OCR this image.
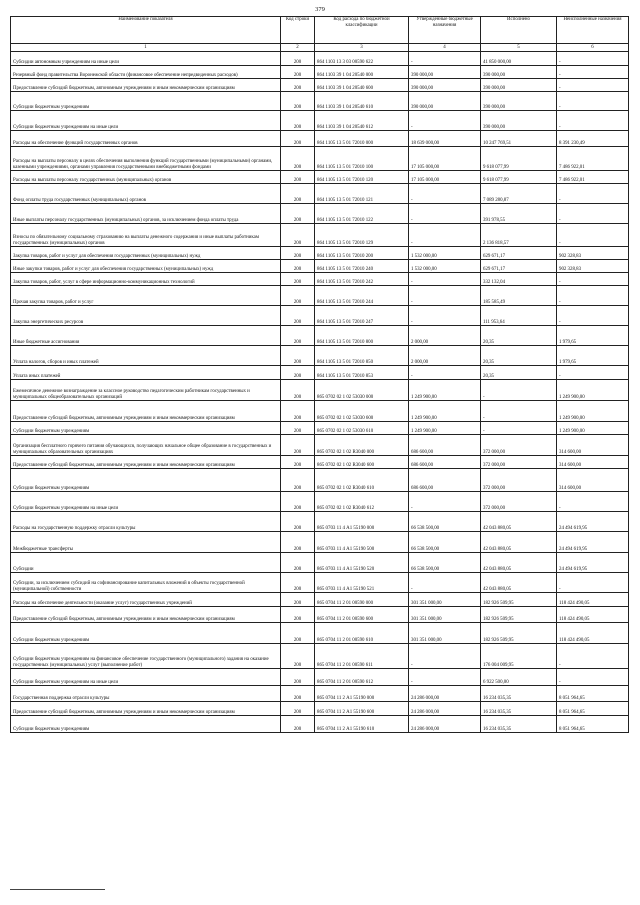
379
Наименование показателя	Код строки	Код расхода по бюджетной классификации	Утвержденные бюджетные назначения	Исполнено	Неисполненные назначения
1	2	3	4	5	6
Субсидии автономным учреждениям на иные цели	200	864 1103 13 3 03 00590 622	-	41 850 000,00	-
Резервный фонд правительства Воронежской области (финансовое обеспечение непредвиденных расходов)	200	864 1103 39 1 04 20540 000	390 000,00	390 000,00	-
Предоставление субсидий бюджетным, автономным учреждениям и иным некоммерческим организациям	200	864 1103 39 1 04 20540 600	390 000,00	390 000,00	-
Субсидии бюджетным учреждениям	200	864 1103 39 1 04 20540 610	390 000,00	390 000,00	-
Субсидии бюджетным учреждениям на иные цели	200	864 1103 39 1 04 20540 612	-	390 000,00	-
Расходы на обеспечение функций государственных органов	200	864 1105 13 5 01 72010 000	18 639 000,00	10 247 769,51	8 391 230,49
Расходы на выплаты персоналу в целях обеспечения выполнения функций государственными (муниципальными) органами, казенными учреждениями, органами управления государственными внебюджетными фондами	200	864 1105 13 5 01 72010 100	17 105 000,00	9 618 077,99	7 486 922,01
Расходы на выплаты персоналу государственных (муниципальных) органов	200	864 1105 13 5 01 72010 120	17 105 000,00	9 618 077,99	7 486 922,01
Фонд оплаты труда государственных (муниципальных) органов	200	864 1105 13 5 01 72010 121	-	7 089 280,87	-
Иные выплаты персоналу государственных (муниципальных) органов, за исключением фонда оплаты труда	200	864 1105 13 5 01 72010 122	-	391 978,55	-
Взносы по обязательному социальному страхованию на выплаты денежного содержания и иные выплаты работникам государственных (муниципальных) органов	200	864 1105 13 5 01 72010 129	-	2 136 818,57	-
Закупка товаров, работ и услуг для обеспечения государственных (муниципальных) нужд	200	864 1105 13 5 01 72010 200	1 532 000,00	629 671,17	902 328,83
Иные закупки товаров, работ и услуг для обеспечения государственных (муниципальных) нужд	200	864 1105 13 5 01 72010 240	1 532 000,00	629 671,17	902 328,83
Закупка товаров, работ, услуг в сфере информационно-коммуникационных технологий	200	864 1105 13 5 01 72010 242	-	332 132,04	-
Прочая закупка товаров, работ и услуг	200	864 1105 13 5 01 72010 244	-	185 585,49	-
Закупка энергетических ресурсов	200	864 1105 13 5 01 72010 247	-	111 953,64	-
Иные бюджетные ассигнования	200	864 1105 13 5 01 72010 800	2 000,00	20,35	1 979,65
Уплата налогов, сборов и иных платежей	200	864 1105 13 5 01 72010 850	2 000,00	20,35	1 979,65
Уплата иных платежей	200	864 1105 13 5 01 72010 853	-	20,35	-
Ежемесячное денежное вознаграждение за классное руководство педагогическим работникам государственных и муниципальных общеобразовательных организаций	200	865 0702 02 1 02 53030 000	1 249 900,00	-	1 249 900,00
Предоставление субсидий бюджетным, автономным учреждениям и иным некоммерческим организациям	200	865 0702 02 1 02 53030 600	1 249 900,00	-	1 249 900,00
Субсидии бюджетным учреждениям	200	865 0702 02 1 02 53030 610	1 249 900,00	-	1 249 900,00
Организация бесплатного горячего питания обучающихся, получающих начальное общее образование в государственных и муниципальных образовательных организациях	200	865 0702 02 1 02 R3040 000	686 600,00	372 000,00	314 600,00
Предоставление субсидий бюджетным, автономным учреждениям и иным некоммерческим организациям	200	865 0702 02 1 02 R3040 600	686 600,00	372 000,00	314 600,00
Субсидии бюджетным учреждениям	200	865 0702 02 1 02 R3040 610	686 600,00	372 000,00	314 600,00
Субсидии бюджетным учреждениям на иные цели	200	865 0702 02 1 02 R3040 612	-	372 000,00	-
Расходы на государственную поддержку отрасли культуры	200	865 0703 11 4 А1 55190 000	66 538 500,00	42 043 880,05	24 494 619,95
Межбюджетные трансферты	200	865 0703 11 4 А1 55190 500	66 538 500,00	42 043 880,05	24 494 619,95
Субсидии	200	865 0703 11 4 А1 55190 520	66 538 500,00	42 043 880,05	24 494 619,95
Субсидии, за исключением субсидий на софинансирование капитальных вложений в объекты государственной (муниципальной) собственности	200	865 0703 11 4 А1 55190 521	-	42 043 880,05	-
Расходы на обеспечение деятельности (оказание услуг) государственных учреждений	200	865 0704 11 2 01 00590 000	301 351 000,00	182 926 509,95	118 424 490,05
Предоставление субсидий бюджетным, автономным учреждениям и иным некоммерческим организациям	200	865 0704 11 2 01 00590 600	301 351 000,00	182 926 509,95	118 424 490,05
Субсидии бюджетным учреждениям	200	865 0704 11 2 01 00590 610	301 351 000,00	182 926 509,95	118 424 490,05
Субсидии бюджетным учреждениям на финансовое обеспечение государственного (муниципального) задания на оказание государственных (муниципальных) услуг (выполнение работ)	200	865 0704 11 2 01 00590 611	-	176 004 009,95	-
Субсидии бюджетным учреждениям на иные цели	200	865 0704 11 2 01 00590 612	-	6 922 500,00	-
Государственная поддержка отрасли культуры	200	865 0704 11 2 А1 55190 000	24 286 000,00	16 234 035,35	8 051 964,65
Предоставление субсидий бюджетным, автономным учреждениям и иным некоммерческим организациям	200	865 0704 11 2 А1 55190 600	24 286 000,00	16 234 035,35	8 051 964,65
Субсидии бюджетным учреждениям	200	865 0704 11 2 А1 55190 610	24 286 000,00	16 234 035,35	8 051 964,65
